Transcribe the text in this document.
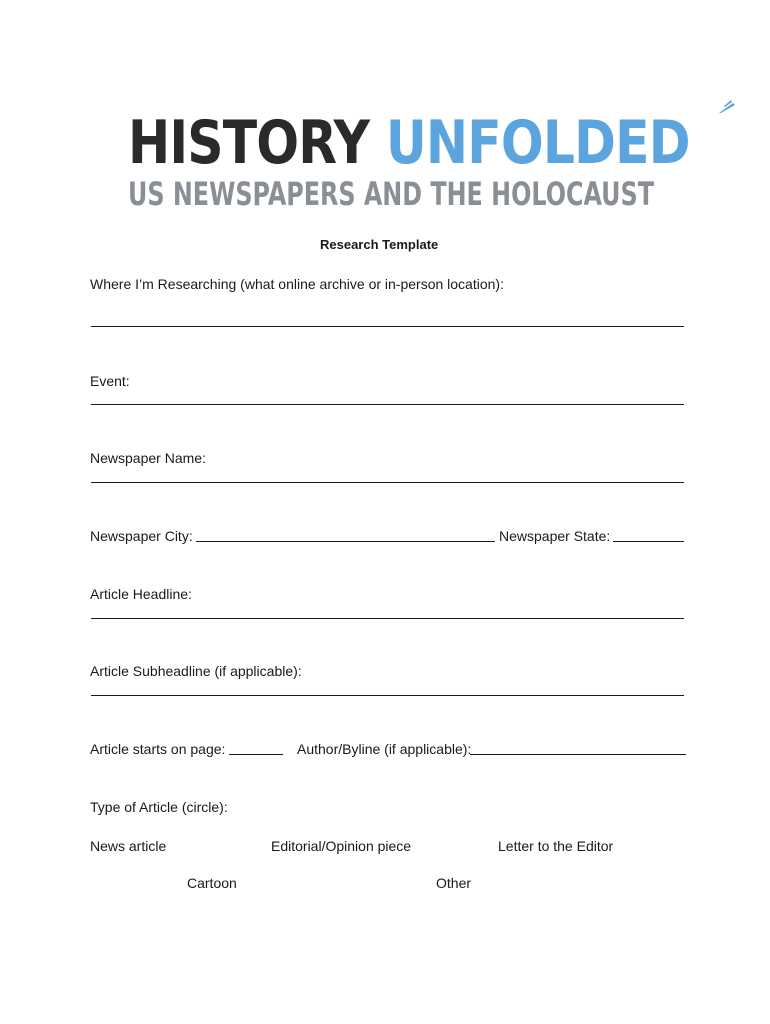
HISTORY UNFOLDED
US NEWSPAPERS AND THE HOLOCAUST
Research Template
Where I’m Researching (what online archive or in-person location):
Event:
Newspaper Name:
Newspaper City:	Newspaper State:
Article Headline:
Article Subheadline (if applicable):
Article starts on page:	Author/Byline (if applicable):
Type of Article (circle):
News article	Editorial/Opinion piece	Letter to the Editor
Cartoon	Other
